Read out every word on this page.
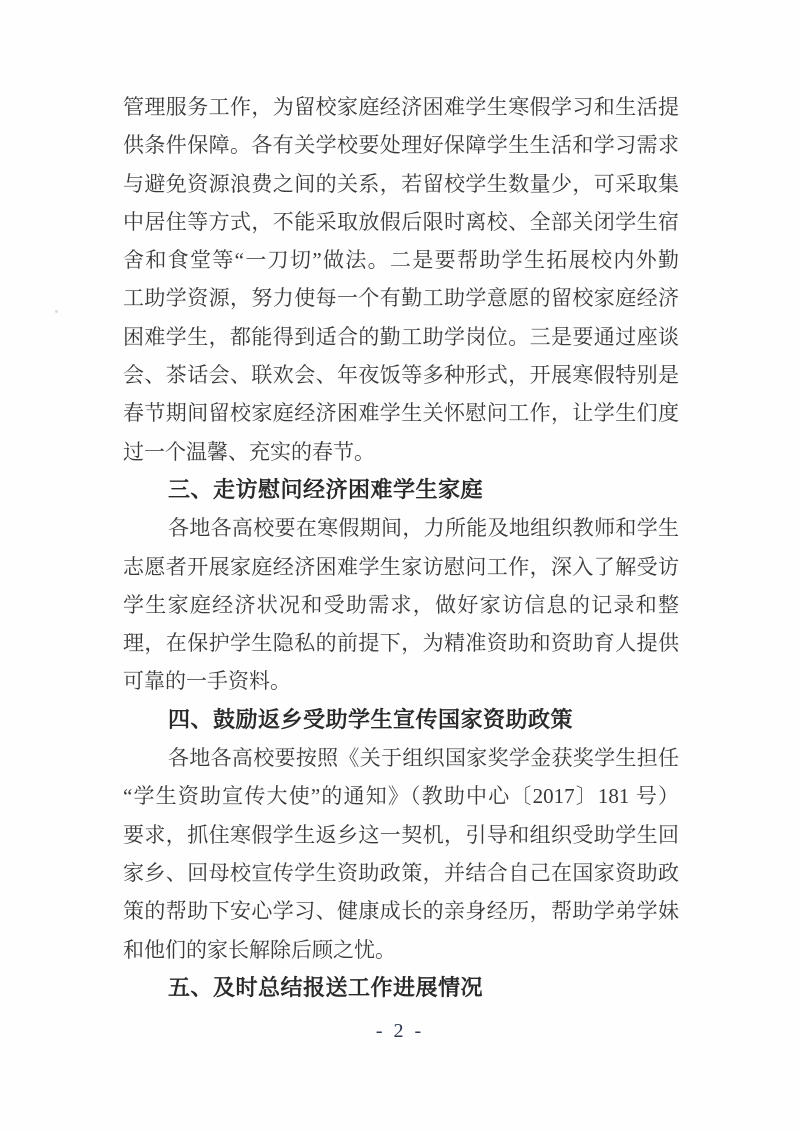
管理服务工作，为留校家庭经济困难学生寒假学习和生活提
供条件保障。各有关学校要处理好保障学生生活和学习需求
与避免资源浪费之间的关系，若留校学生数量少，可采取集
中居住等方式，不能采取放假后限时离校、全部关闭学生宿
舍和食堂等“一刀切”做法。二是要帮助学生拓展校内外勤
工助学资源，努力使每一个有勤工助学意愿的留校家庭经济
困难学生，都能得到适合的勤工助学岗位。三是要通过座谈
会、茶话会、联欢会、年夜饭等多种形式，开展寒假特别是
春节期间留校家庭经济困难学生关怀慰问工作，让学生们度
过一个温馨、充实的春节。
三、走访慰问经济困难学生家庭
各地各高校要在寒假期间，力所能及地组织教师和学生
志愿者开展家庭经济困难学生家访慰问工作，深入了解受访
学生家庭经济状况和受助需求，做好家访信息的记录和整
理，在保护学生隐私的前提下，为精准资助和资助育人提供
可靠的一手资料。
四、鼓励返乡受助学生宣传国家资助政策
各地各高校要按照《关于组织国家奖学金获奖学生担任
“学生资助宣传大使”的通知》（教助中心〔2017〕181 号）
要求，抓住寒假学生返乡这一契机，引导和组织受助学生回
家乡、回母校宣传学生资助政策，并结合自己在国家资助政
策的帮助下安心学习、健康成长的亲身经历，帮助学弟学妹
和他们的家长解除后顾之忧。
五、及时总结报送工作进展情况
- 2 -
